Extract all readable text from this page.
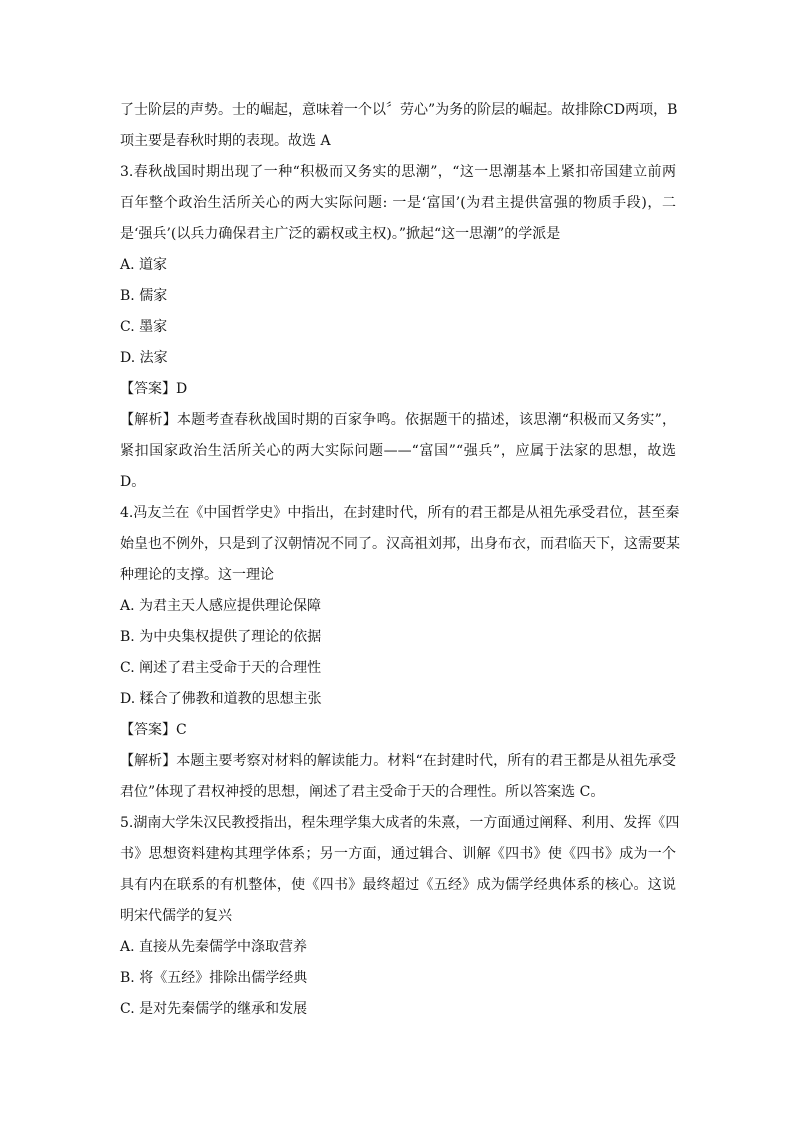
了士阶层的声势。士的崛起，意味着一个以〞劳心”为务的阶层的崛起。故排除CD两项，B
项主要是春秋时期的表现。故选 A
3.春秋战国时期出现了一种“积极而又务实的思潮”，“这一思潮基本上紧扣帝国建立前两
百年整个政治生活所关心的两大实际问题: 一是‘富国’(为君主提供富强的物质手段)，二
是‘强兵’(以兵力确保君主广泛的霸权或主权)。”掀起“这一思潮”的学派是
A. 道家
B. 儒家
C. 墨家
D. 法家
【答案】D
【解析】本题考查春秋战国时期的百家争鸣。依据题干的描述，该思潮“积极而又务实”，
紧扣国家政治生活所关心的两大实际问题——“富国”“强兵”，应属于法家的思想，故选
D。
4.冯友兰在《中国哲学史》中指出，在封建时代，所有的君王都是从祖先承受君位，甚至秦
始皇也不例外，只是到了汉朝情况不同了。汉高祖刘邦，出身布衣，而君临天下，这需要某
种理论的支撑。这一理论
A. 为君主天人感应提供理论保障
B. 为中央集权提供了理论的依据
C. 阐述了君主受命于天的合理性
D. 糅合了佛教和道教的思想主张
【答案】C
【解析】本题主要考察对材料的解读能力。材料“在封建时代，所有的君王都是从祖先承受
君位”体现了君权神授的思想，阐述了君主受命于天的合理性。所以答案选 C。
5.湖南大学朱汉民教授指出，程朱理学集大成者的朱熹，一方面通过阐释、利用、发挥《四
书》思想资料建构其理学体系；另一方面，通过辑合、训解《四书》使《四书》成为一个
具有内在联系的有机整体，使《四书》最终超过《五经》成为儒学经典体系的核心。这说
明宋代儒学的复兴
A. 直接从先秦儒学中涤取营养
B. 将《五经》排除出儒学经典
C. 是对先秦儒学的继承和发展
